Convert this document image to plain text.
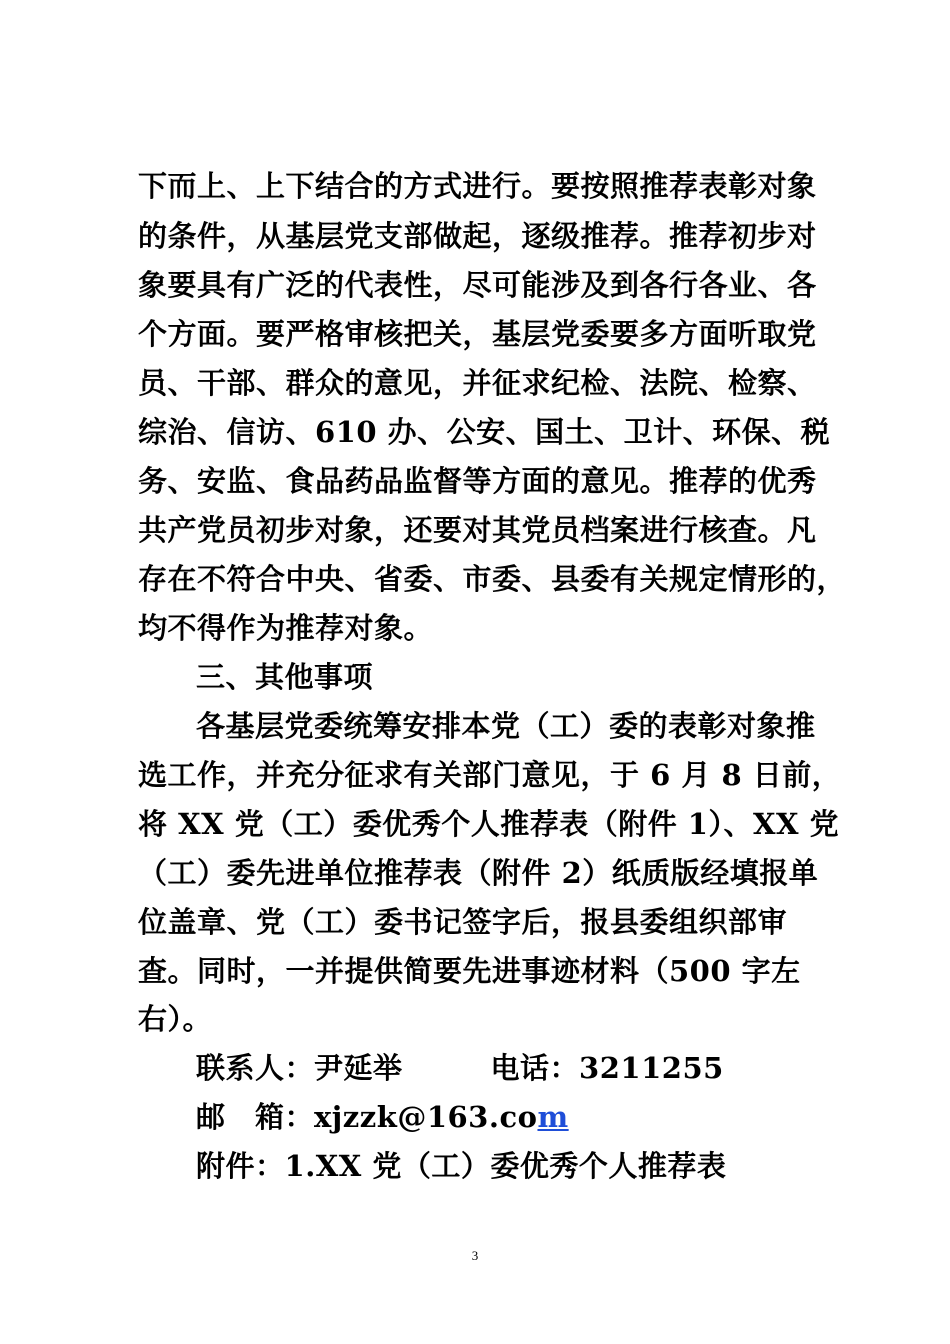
下而上、上下结合的方式进行。要按照推荐表彰对象

的条件，从基层党支部做起，逐级推荐。推荐初步对

象要具有广泛的代表性，尽可能涉及到各行各业、各

个方面。要严格审核把关，基层党委要多方面听取党

员、干部、群众的意见，并征求纪检、法院、检察、

综治、信访、610 办、公安、国土、卫计、环保、税

务、安监、食品药品监督等方面的意见。推荐的优秀

共产党员初步对象，还要对其党员档案进行核查。凡

存在不符合中央、省委、市委、县委有关规定情形的，

均不得作为推荐对象。

三、其他事项

各基层党委统筹安排本党（工）委的表彰对象推

选工作，并充分征求有关部门意见，于 6 月 8 日前，

将 XX 党（工）委优秀个人推荐表（附件 1）、XX 党

（工）委先进单位推荐表（附件 2）纸质版经填报单

位盖章、党（工）委书记签字后，报县委组织部审

查。同时，一并提供简要先进事迹材料（500 字左

右）。

联系人：尹延举	电话：3211255
邮　箱：xjzzk@163.com
附件：1.XX 党（工）委优秀个人推荐表
3
